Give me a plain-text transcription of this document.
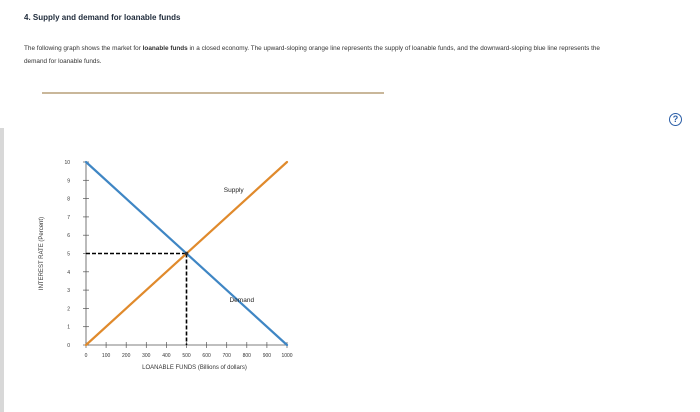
4. Supply and demand for loanable funds
The following graph shows the market for loanable funds in a closed economy. The upward-sloping orange line represents the supply of loanable funds, and the downward-sloping blue line represents the demand for loanable funds.
?
0
1
2
3
4
5
6
7
8
9
10
0	100 200 300 400 500 600 700 800 900 1000
Supply
Demand
LOANABLE FUNDS (Billions of dollars)
INTEREST RATE (Percent)
